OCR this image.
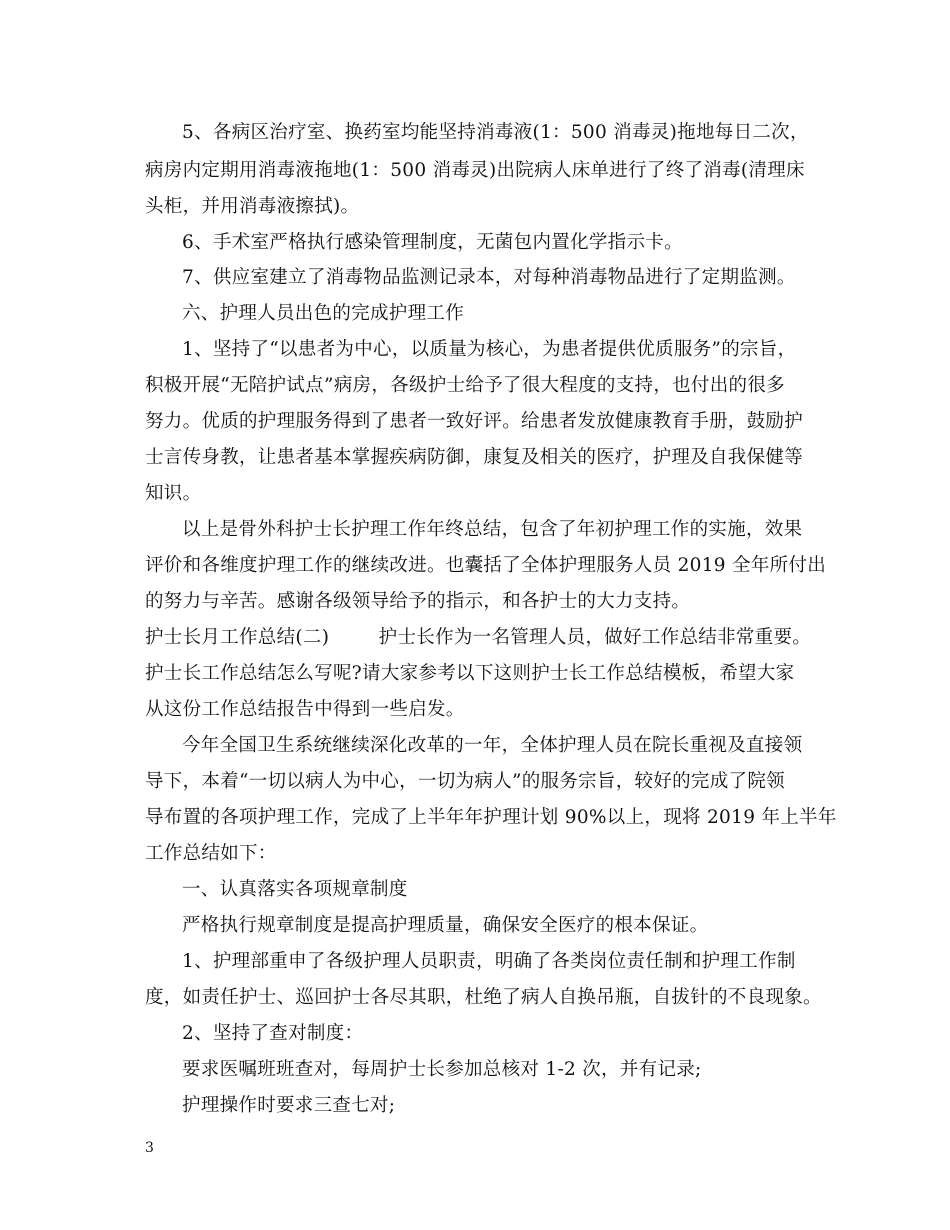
5、各病区治疗室、换药室均能坚持消毒液(1：500 消毒灵)拖地每日二次，
病房内定期用消毒液拖地(1：500 消毒灵)出院病人床单进行了终了消毒(清理床
头柜，并用消毒液擦拭)。
6、手术室严格执行感染管理制度，无菌包内置化学指示卡。
7、供应室建立了消毒物品监测记录本，对每种消毒物品进行了定期监测。
六、护理人员出色的完成护理工作
1、坚持了“以患者为中心，以质量为核心，为患者提供优质服务”的宗旨，
积极开展“无陪护试点”病房，各级护士给予了很大程度的支持，也付出的很多
努力。优质的护理服务得到了患者一致好评。给患者发放健康教育手册，鼓励护
士言传身教，让患者基本掌握疾病防御，康复及相关的医疗，护理及自我保健等
知识。
以上是骨外科护士长护理工作年终总结，包含了年初护理工作的实施，效果
评价和各维度护理工作的继续改进。也囊括了全体护理服务人员 2019 全年所付出
的努力与辛苦。感谢各级领导给予的指示，和各护士的大力支持。
护士长月工作总结(二)        护士长作为一名管理人员，做好工作总结非常重要。
护士长工作总结怎么写呢?请大家参考以下这则护士长工作总结模板，希望大家
从这份工作总结报告中得到一些启发。
今年全国卫生系统继续深化改革的一年，全体护理人员在院长重视及直接领
导下，本着“一切以病人为中心，一切为病人”的服务宗旨，较好的完成了院领
导布置的各项护理工作，完成了上半年年护理计划 90%以上，现将 2019 年上半年
工作总结如下：
一、认真落实各项规章制度
严格执行规章制度是提高护理质量，确保安全医疗的根本保证。
1、护理部重申了各级护理人员职责，明确了各类岗位责任制和护理工作制
度，如责任护士、巡回护士各尽其职，杜绝了病人自换吊瓶，自拔针的不良现象。
2、坚持了查对制度：
要求医嘱班班查对，每周护士长参加总核对 1-2 次，并有记录;
护理操作时要求三查七对;
3
